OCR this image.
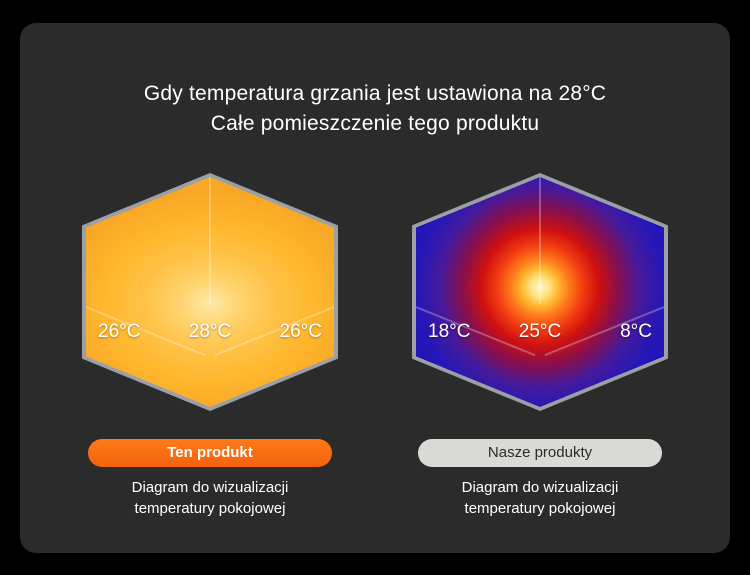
Gdy temperatura grzania jest ustawiona na 28°C
Całe pomieszczenie tego produktu
26°C	28°C	26°C
Ten produkt
Diagram do wizualizacji
temperatury pokojowej
18°C	25°C	8°C
Nasze produkty
Diagram do wizualizacji
temperatury pokojowej
